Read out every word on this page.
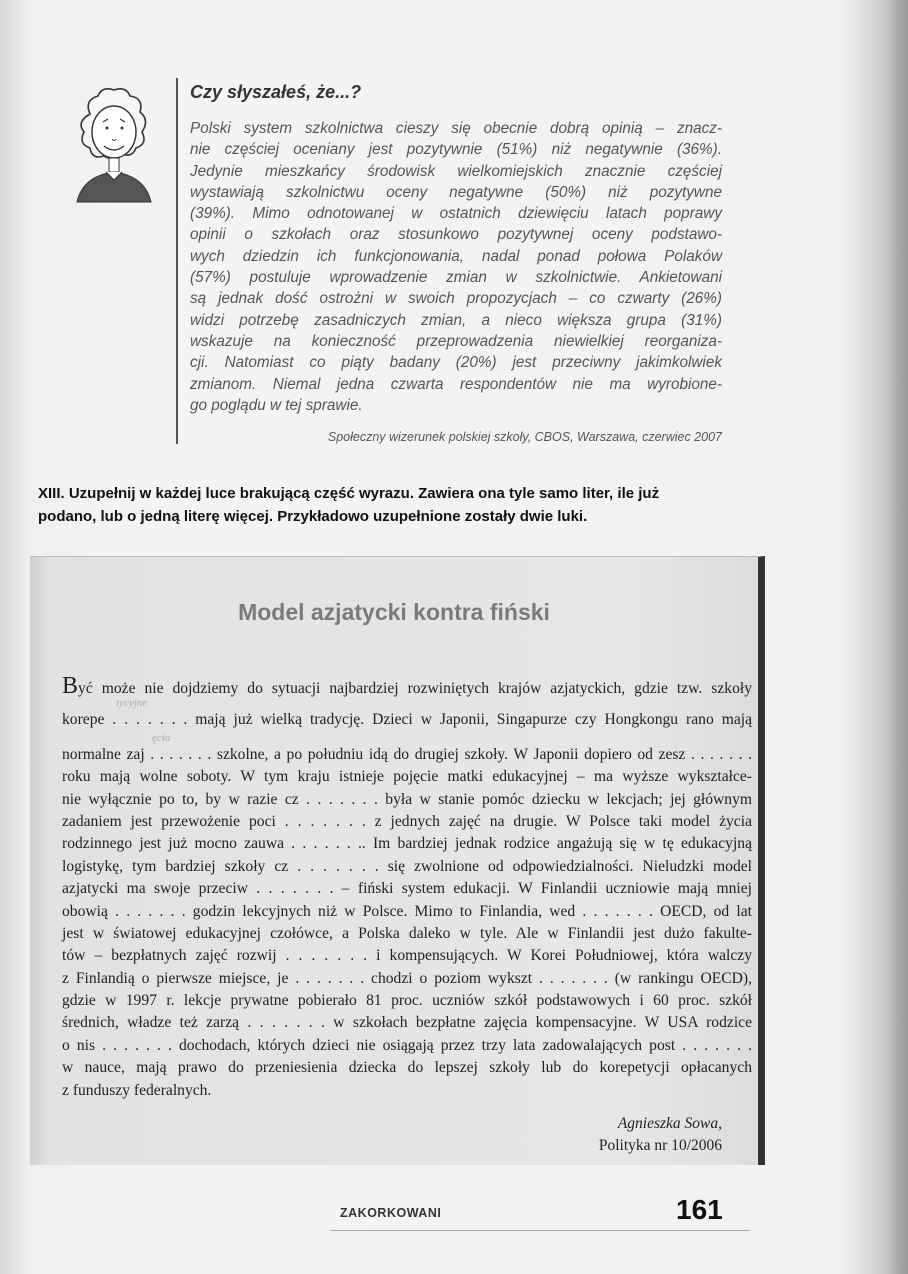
Czy słyszałeś, że...?
Polski system szkolnictwa cieszy się obecnie dobrą opinią – znacz-
nie częściej oceniany jest pozytywnie (51%) niż negatywnie (36%).
Jedynie mieszkańcy środowisk wielkomiejskich znacznie częściej
wystawiają szkolnictwu oceny negatywne (50%) niż pozytywne
(39%). Mimo odnotowanej w ostatnich dziewięciu latach poprawy
opinii o szkołach oraz stosunkowo pozytywnej oceny podstawo-
wych dziedzin ich funkcjonowania, nadal ponad połowa Polaków
(57%) postuluje wprowadzenie zmian w szkolnictwie. Ankietowani
są jednak dość ostrożni w swoich propozycjach – co czwarty (26%)
widzi potrzebę zasadniczych zmian, a nieco większa grupa (31%)
wskazuje na konieczność przeprowadzenia niewielkiej reorganiza-
cji. Natomiast co piąty badany (20%) jest przeciwny jakimkolwiek
zmianom. Niemal jedna czwarta respondentów nie ma wyrobione-
go poglądu w tej sprawie.
Społeczny wizerunek polskiej szkoły, CBOS, Warszawa, czerwiec 2007
XIII. Uzupełnij w każdej luce brakującą część wyrazu. Zawiera ona tyle samo liter, ile już
podano, lub o jedną literę więcej. Przykładowo uzupełnione zostały dwie luki.
Model azjatycki kontra fiński
Być może nie dojdziemy do sytuacji najbardziej rozwiniętych krajów azjatyckich, gdzie tzw. szkoły
tycyjne
korepe . . . . . . . mają już wielką tradycję. Dzieci w Japonii, Singapurze czy Hongkongu rano mają
ęcia
normalne zaj . . . . . . . szkolne, a po południu idą do drugiej szkoły. W Japonii dopiero od zesz . . . . . . .
roku mają wolne soboty. W tym kraju istnieje pojęcie matki edukacyjnej – ma wyższe wykształce-
nie wyłącznie po to, by w razie cz . . . . . . . była w stanie pomóc dziecku w lekcjach; jej głównym
zadaniem jest przewożenie poci . . . . . . . z jednych zajęć na drugie. W Polsce taki model życia
rodzinnego jest już mocno zauwa . . . . . . .. Im bardziej jednak rodzice angażują się w tę edukacyjną
logistykę, tym bardziej szkoły cz . . . . . . . się zwolnione od odpowiedzialności. Nieludzki model
azjatycki ma swoje przeciw . . . . . . . – fiński system edukacji. W Finlandii uczniowie mają mniej
obowią . . . . . . . godzin lekcyjnych niż w Polsce. Mimo to Finlandia, wed . . . . . . . OECD, od lat
jest w światowej edukacyjnej czołówce, a Polska daleko w tyle. Ale w Finlandii jest dużo fakulte-
tów – bezpłatnych zajęć rozwij . . . . . . . i kompensujących. W Korei Południowej, która walczy
z Finlandią o pierwsze miejsce, je . . . . . . . chodzi o poziom wykszt . . . . . . . (w rankingu OECD),
gdzie w 1997 r. lekcje prywatne pobierało 81 proc. uczniów szkół podstawowych i 60 proc. szkół
średnich, władze też zarzą . . . . . . . w szkołach bezpłatne zajęcia kompensacyjne. W USA rodzice
o nis . . . . . . . dochodach, których dzieci nie osiągają przez trzy lata zadowalających post . . . . . . .
w nauce, mają prawo do przeniesienia dziecka do lepszej szkoły lub do korepetycji opłacanych
z funduszy federalnych.
Agnieszka Sowa,
Polityka nr 10/2006
ZAKORKOWANI	161
